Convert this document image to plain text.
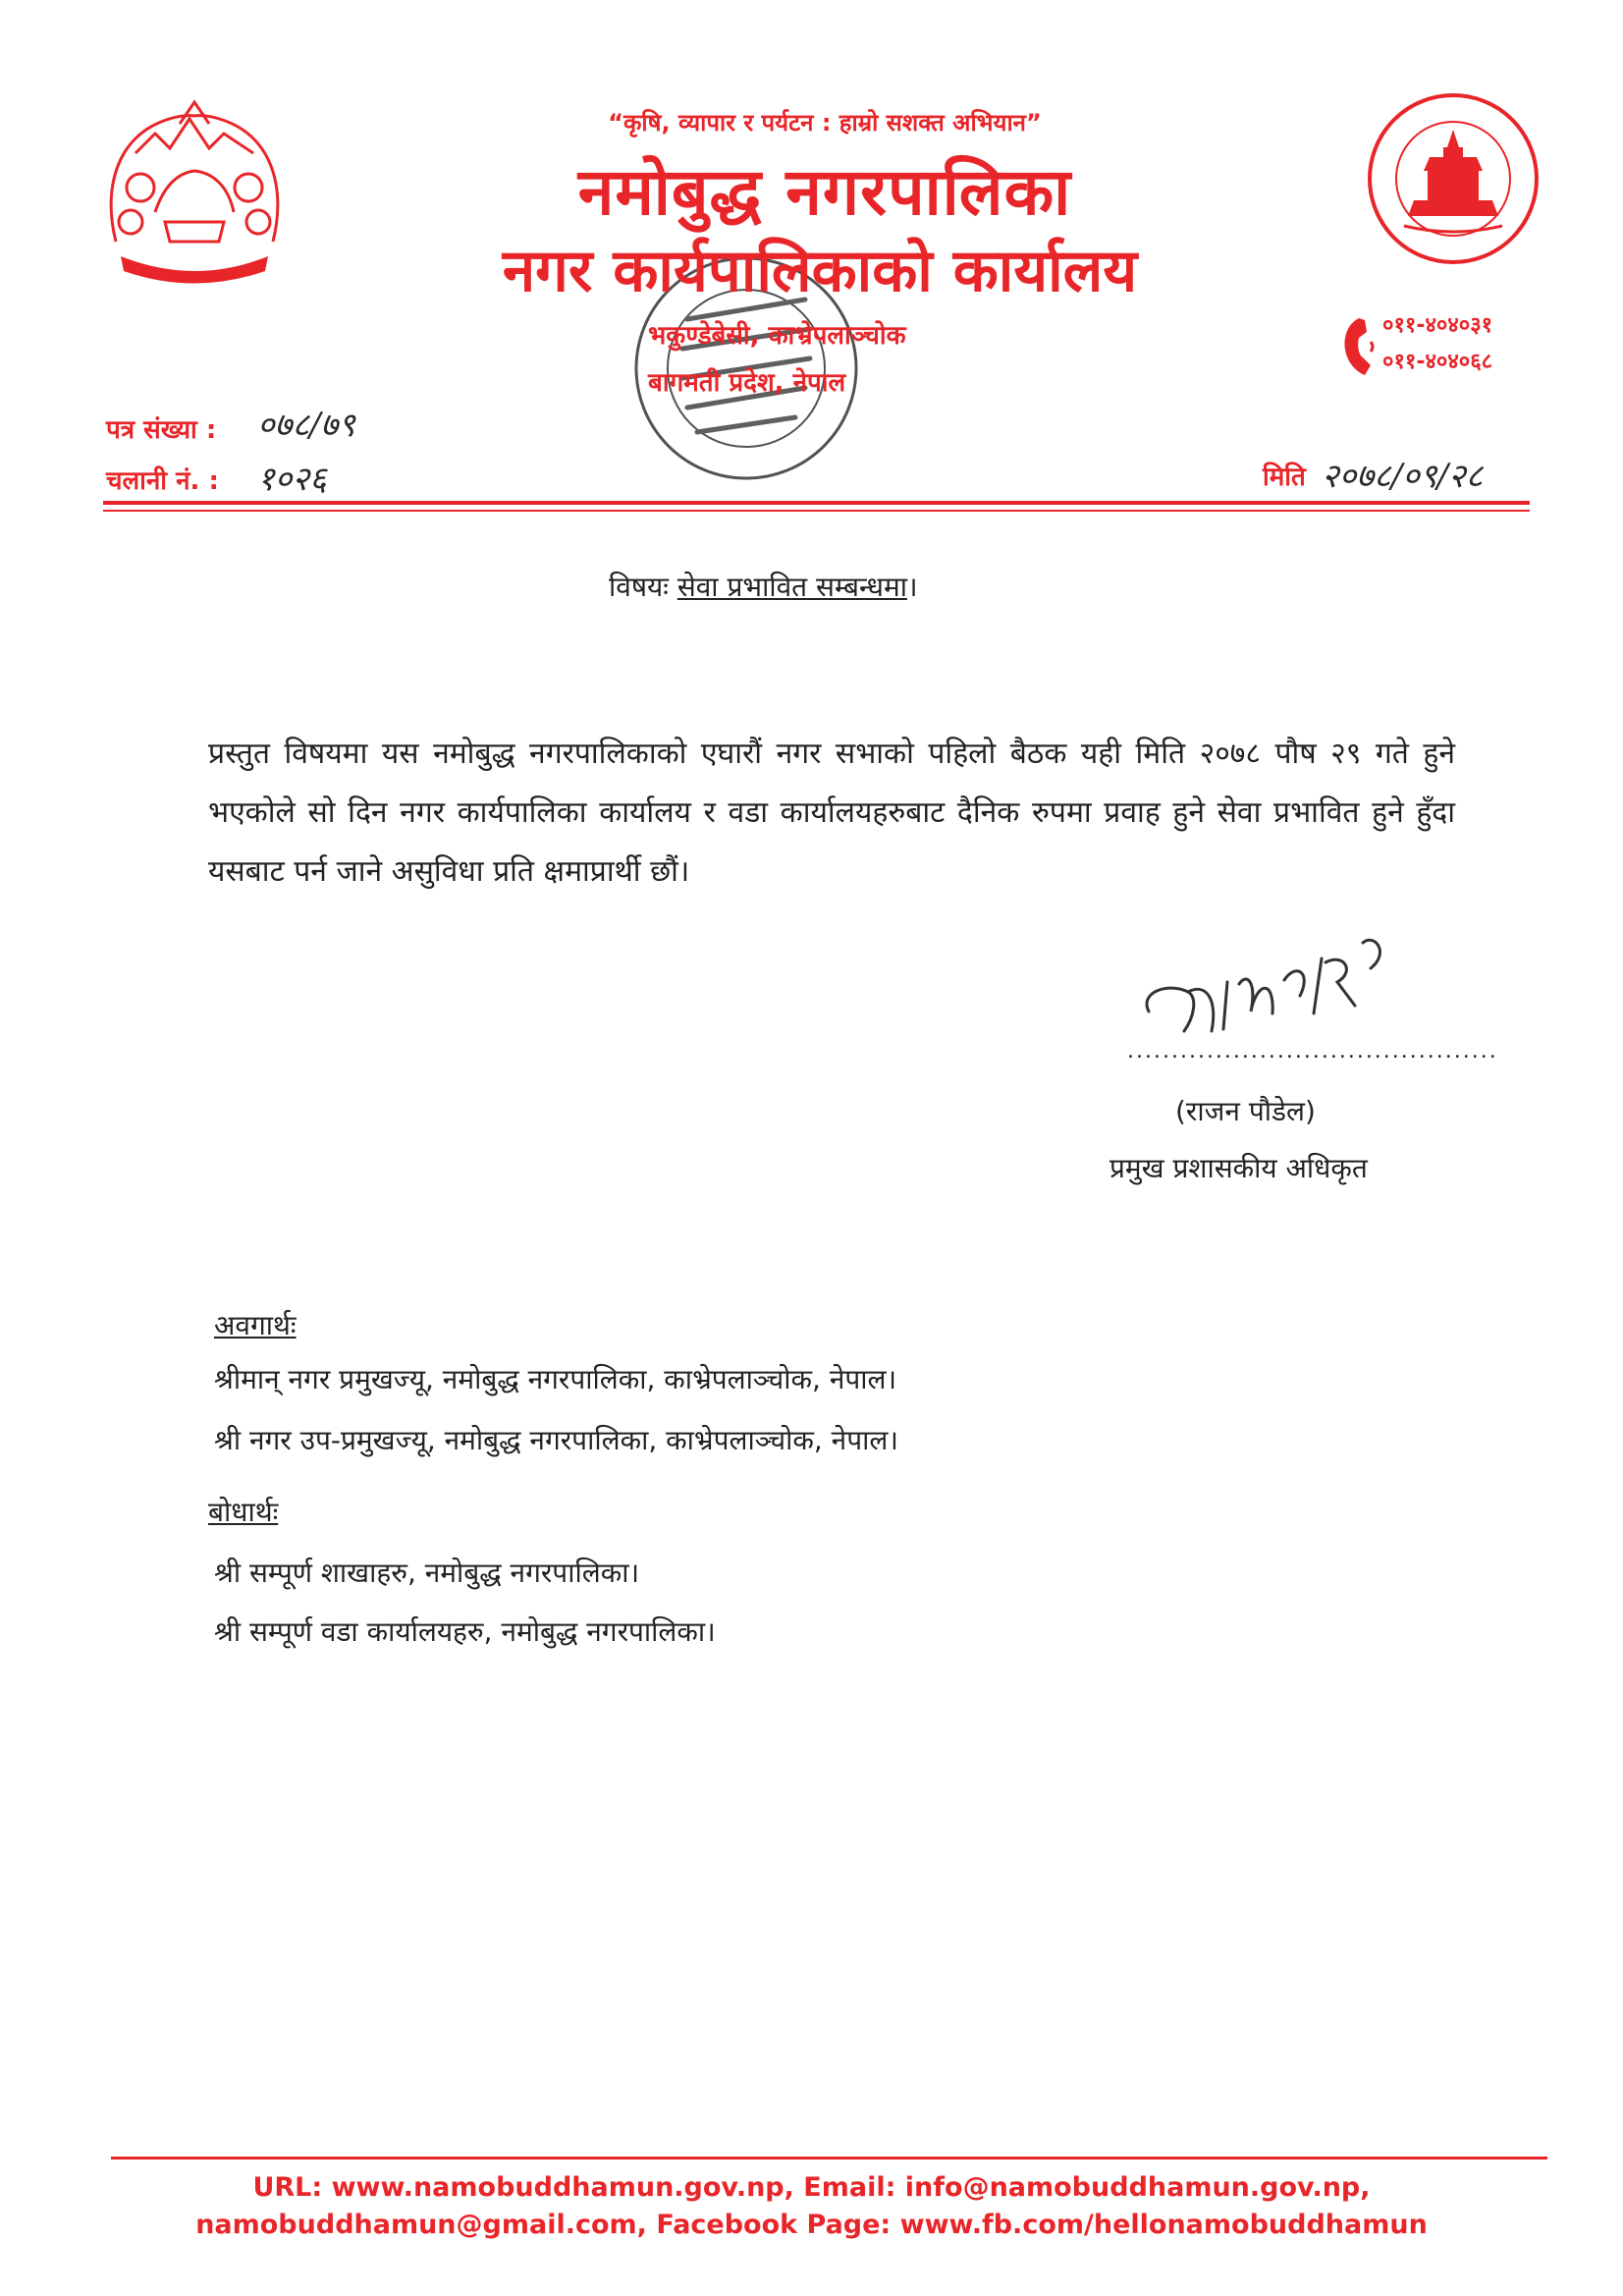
“कृषि, व्यापार र पर्यटन : हाम्रो सशक्त अभियान”
नमोबुद्ध नगरपालिका
नगर कार्यपालिकाको कार्यालय
भकुण्डेबेसी, काभ्रेपलाञ्चोक
बागमती प्रदेश, नेपाल
०११-४०४०३१
०११-४०४०६८
पत्र संख्या : ०७८/७९
चलानी नं. : १०२६	मिति २०७८/०९/२८
विषयः सेवा प्रभावित सम्बन्धमा।
प्रस्तुत विषयमा यस नमोबुद्ध नगरपालिकाको एघारौं नगर सभाको पहिलो बैठक यही मिति २०७८ पौष २९ गते हुने भएकोले सो दिन नगर कार्यपालिका कार्यालय र वडा कार्यालयहरुबाट दैनिक रुपमा प्रवाह हुने सेवा प्रभावित हुने हुँदा यसबाट पर्न जाने असुविधा प्रति क्षमाप्रार्थी छौं।
..........................................
(राजन पौडेल)
प्रमुख प्रशासकीय अधिकृत
अवगार्थः
श्रीमान् नगर प्रमुखज्यू, नमोबुद्ध नगरपालिका, काभ्रेपलाञ्चोक, नेपाल।
श्री नगर उप-प्रमुखज्यू, नमोबुद्ध नगरपालिका, काभ्रेपलाञ्चोक, नेपाल।
बोधार्थः
श्री सम्पूर्ण शाखाहरु, नमोबुद्ध नगरपालिका।
श्री सम्पूर्ण वडा कार्यालयहरु, नमोबुद्ध नगरपालिका।
URL: www.namobuddhamun.gov.np, Email: info@namobuddhamun.gov.np,
namobuddhamun@gmail.com, Facebook Page: www.fb.com/hellonamobuddhamun
